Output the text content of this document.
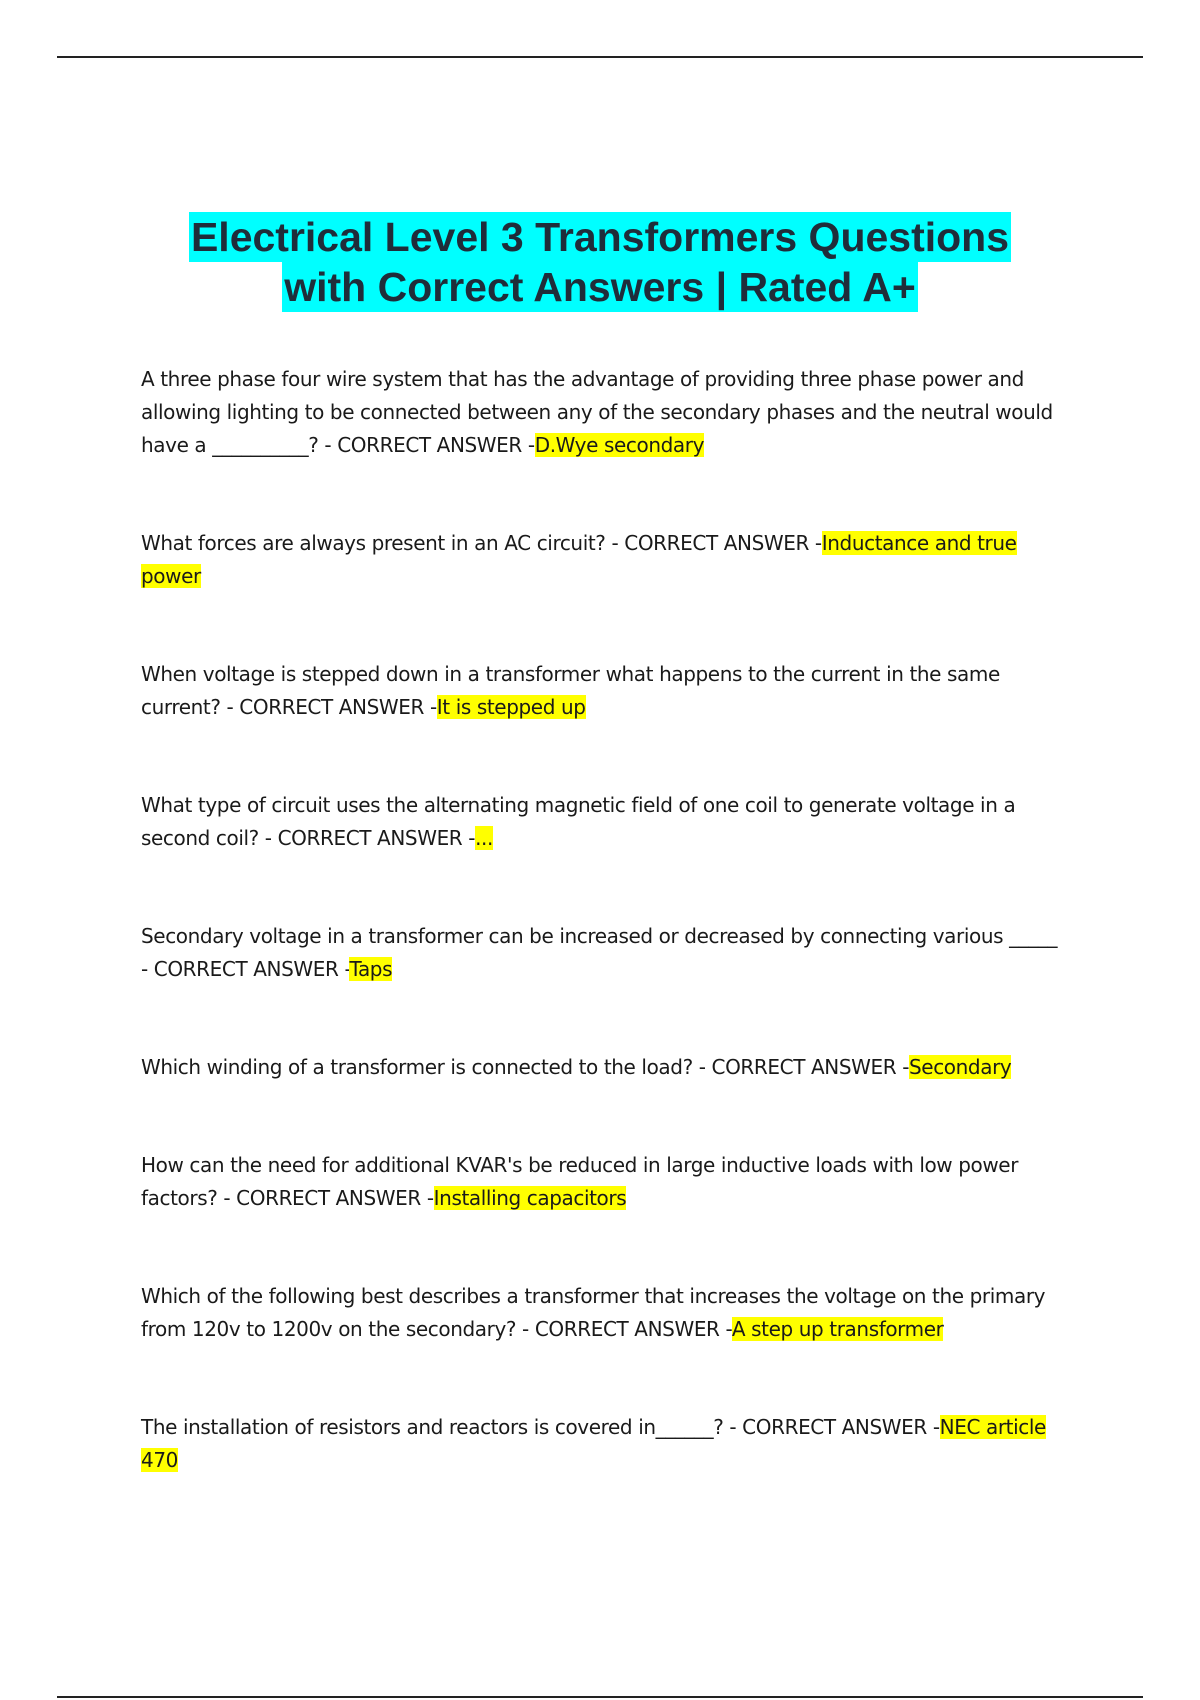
Electrical Level 3 Transformers Questions
with Correct Answers | Rated A+
A three phase four wire system that has the advantage of providing three phase power and allowing lighting to be connected between any of the secondary phases and the neutral would have a __________? - CORRECT ANSWER -D.Wye secondary
What forces are always present in an AC circuit? - CORRECT ANSWER -Inductance and true power
When voltage is stepped down in a transformer what happens to the current in the same current? - CORRECT ANSWER -It is stepped up
What type of circuit uses the alternating magnetic field of one coil to generate voltage in a second coil? - CORRECT ANSWER -...
Secondary voltage in a transformer can be increased or decreased by connecting various _____ - CORRECT ANSWER -Taps
Which winding of a transformer is connected to the load? - CORRECT ANSWER -Secondary
How can the need for additional KVAR's be reduced in large inductive loads with low power factors? - CORRECT ANSWER -Installing capacitors
Which of the following best describes a transformer that increases the voltage on the primary from 120v to 1200v on the secondary? - CORRECT ANSWER -A step up transformer
The installation of resistors and reactors is covered in______? - CORRECT ANSWER -NEC article 470
